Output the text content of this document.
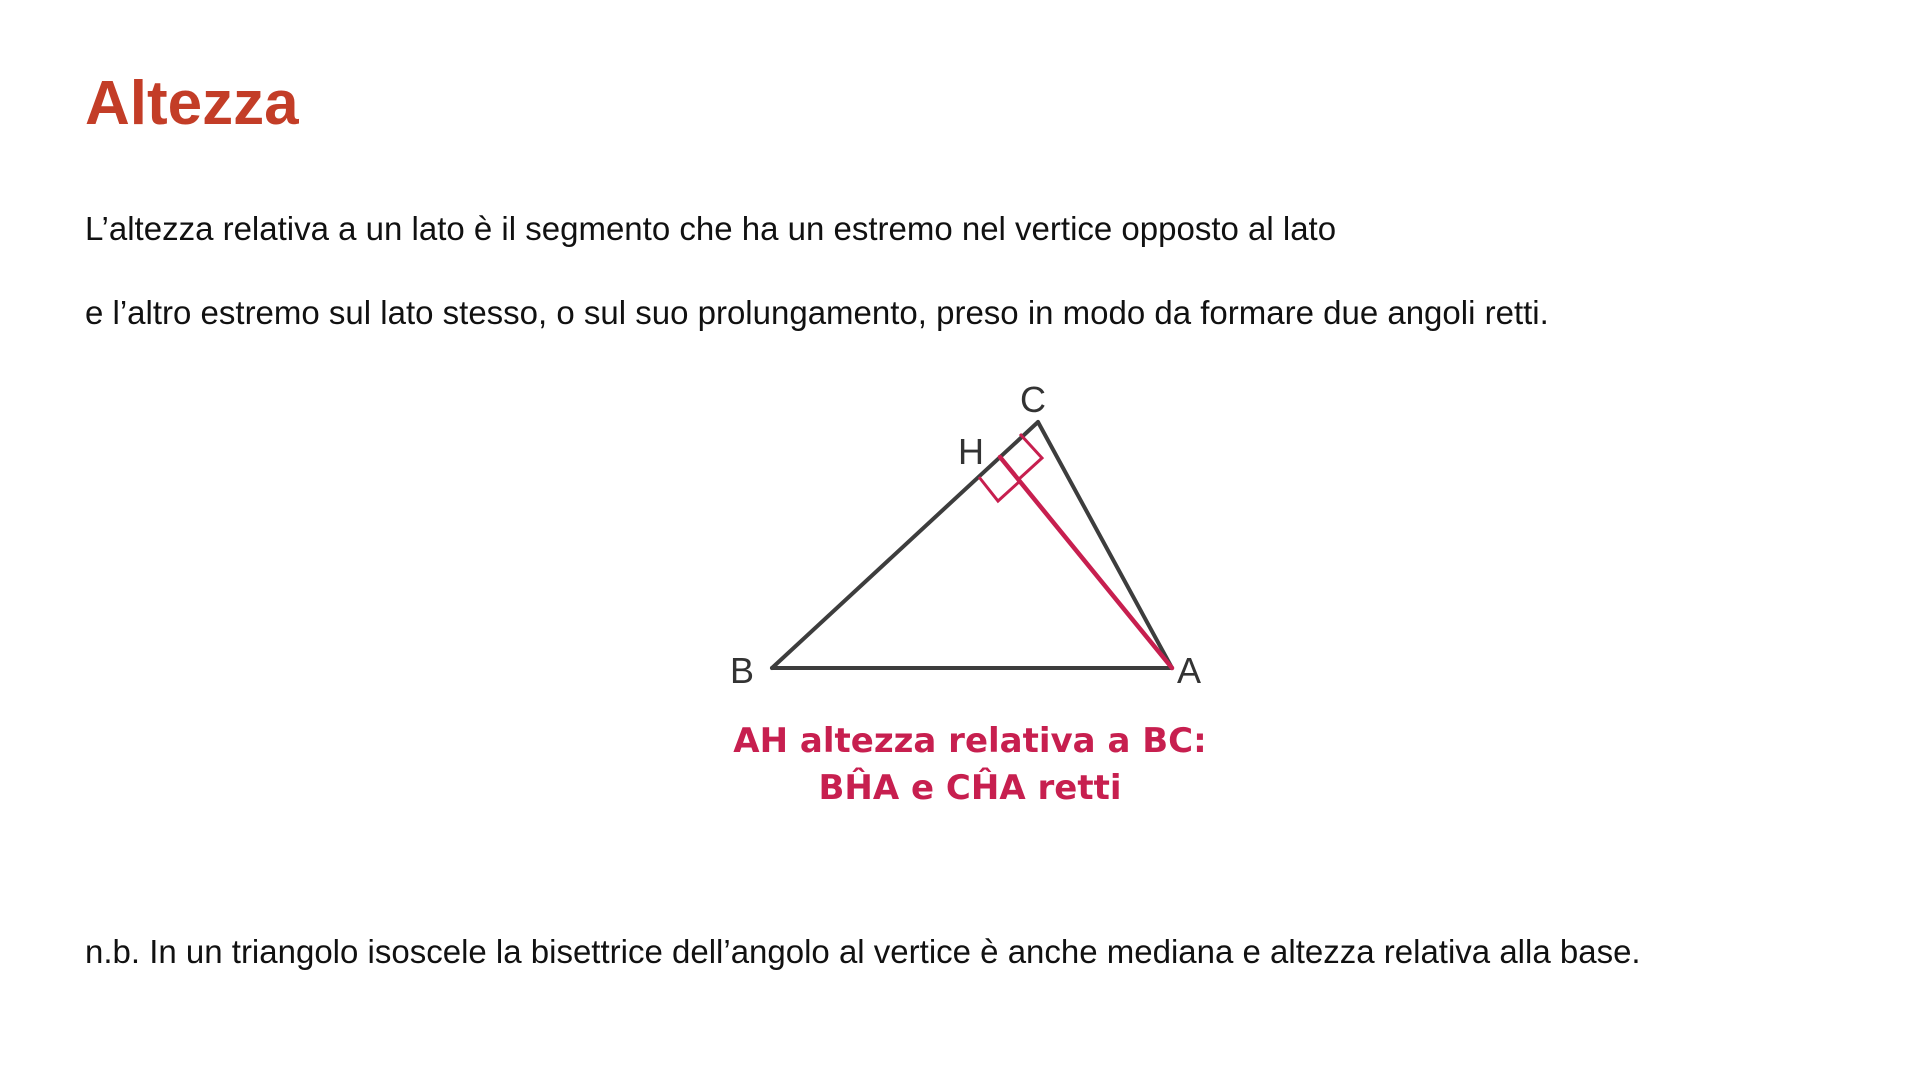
Altezza

L’altezza relativa a un lato è il segmento che ha un estremo nel vertice opposto al lato

e l’altro estremo sul lato stesso, o sul suo prolungamento, preso in modo da formare due angoli retti.

C
H
B	A
AH altezza relativa a BC:
BĤA e CĤA retti

n.b. In un triangolo isoscele la bisettrice dell’angolo al vertice è anche mediana e altezza relativa alla base.
